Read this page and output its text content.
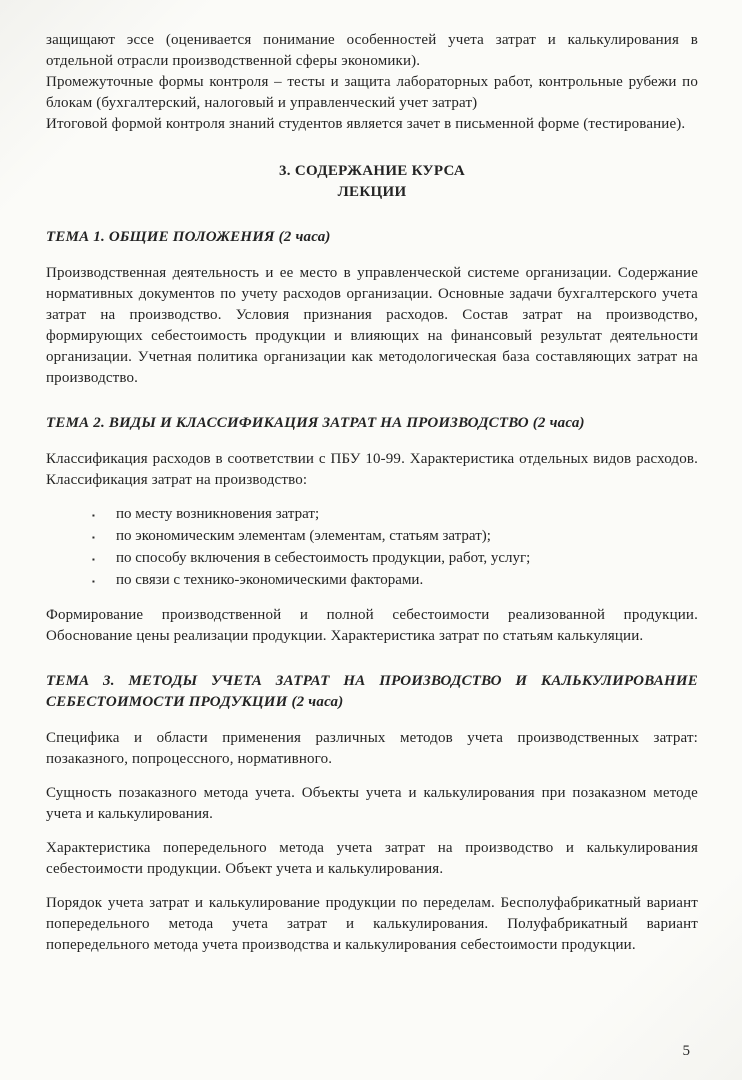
защищают эссе (оценивается понимание особенностей учета затрат и калькулирования в отдельной отрасли производственной сферы экономики).

Промежуточные формы контроля – тесты и защита лабораторных работ, контрольные рубежи по блокам (бухгалтерский, налоговый и управленческий учет затрат)

Итоговой формой контроля знаний студентов является зачет в письменной форме (тестирование).

3. СОДЕРЖАНИЕ КУРСА
ЛЕКЦИИ

ТЕМА 1. ОБЩИЕ ПОЛОЖЕНИЯ (2 часа)

Производственная деятельность и ее место в управленческой системе организации. Содержание нормативных документов по учету расходов организации. Основные задачи бухгалтерского учета затрат на производство. Условия признания расходов. Состав затрат на производство, формирующих себестоимость продукции и влияющих на финансовый результат деятельности организации. Учетная политика организации как методологическая база составляющих затрат на производство.

ТЕМА 2. ВИДЫ И КЛАССИФИКАЦИЯ ЗАТРАТ НА ПРОИЗВОДСТВО (2 часа)

Классификация расходов в соответствии с ПБУ 10-99. Характеристика отдельных видов расходов. Классификация затрат на производство:

▪	по месту возникновения затрат;
▪	по экономическим элементам (элементам, статьям затрат);
▪	по способу включения в себестоимость продукции, работ, услуг;
▪	по связи с технико-экономическими факторами.

Формирование производственной и полной себестоимости реализованной продукции. Обоснование цены реализации продукции. Характеристика затрат по статьям калькуляции.

ТЕМА 3. МЕТОДЫ УЧЕТА ЗАТРАТ НА ПРОИЗВОДСТВО И КАЛЬКУЛИРОВАНИЕ СЕБЕСТОИМОСТИ ПРОДУКЦИИ (2 часа)

Специфика и области применения различных методов учета производственных затрат: позаказного, попроцессного, нормативного.

Сущность позаказного метода учета. Объекты учета и калькулирования при позаказном методе учета и калькулирования.

Характеристика попередельного метода учета затрат на производство и калькулирования себестоимости продукции. Объект учета и калькулирования.

Порядок учета затрат и калькулирование продукции по переделам. Бесполуфабрикатный вариант попередельного метода учета затрат и калькулирования. Полуфабрикатный вариант попередельного метода учета производства и калькулирования себестоимости продукции.

5
